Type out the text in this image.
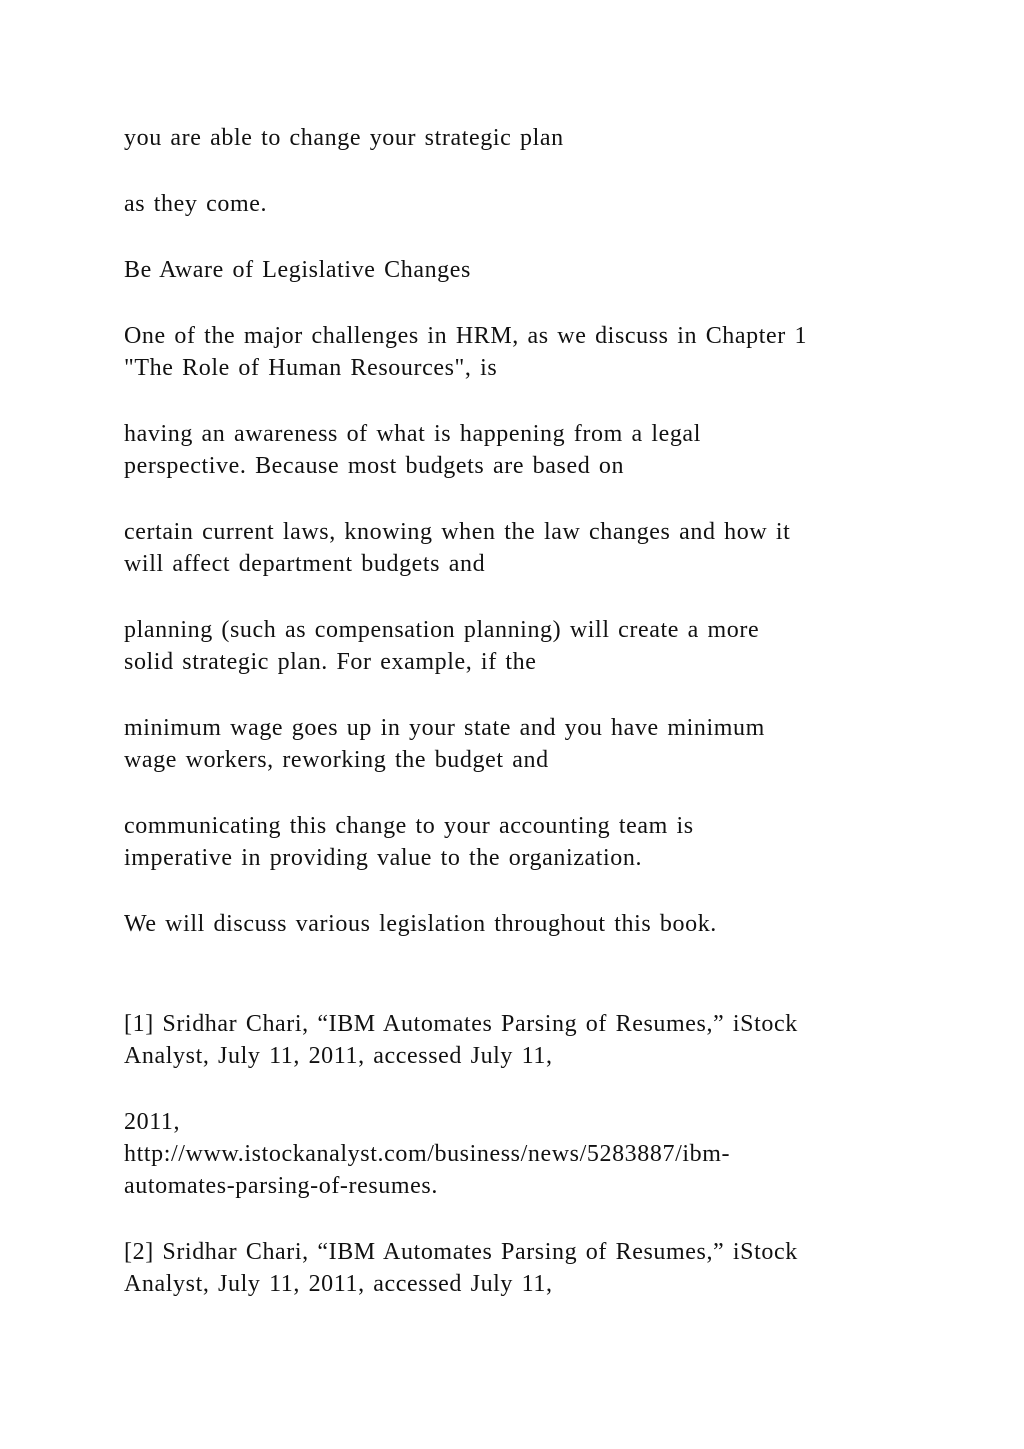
you are able to change your strategic plan

as they come.

Be Aware of Legislative Changes

One of the major challenges in HRM, as we discuss in Chapter 1
"The Role of Human Resources", is

having an awareness of what is happening from a legal
perspective. Because most budgets are based on

certain current laws, knowing when the law changes and how it
will affect department budgets and

planning (such as compensation planning) will create a more
solid strategic plan. For example, if the

minimum wage goes up in your state and you have minimum
wage workers, reworking the budget and

communicating this change to your accounting team is
imperative in providing value to the organization.

We will discuss various legislation throughout this book.

[1] Sridhar Chari, “IBM Automates Parsing of Resumes,” iStock
Analyst, July 11, 2011, accessed July 11,

2011,
http://www.istockanalyst.com/business/news/5283887/ibm-
automates-parsing-of-resumes.

[2] Sridhar Chari, “IBM Automates Parsing of Resumes,” iStock
Analyst, July 11, 2011, accessed July 11,
